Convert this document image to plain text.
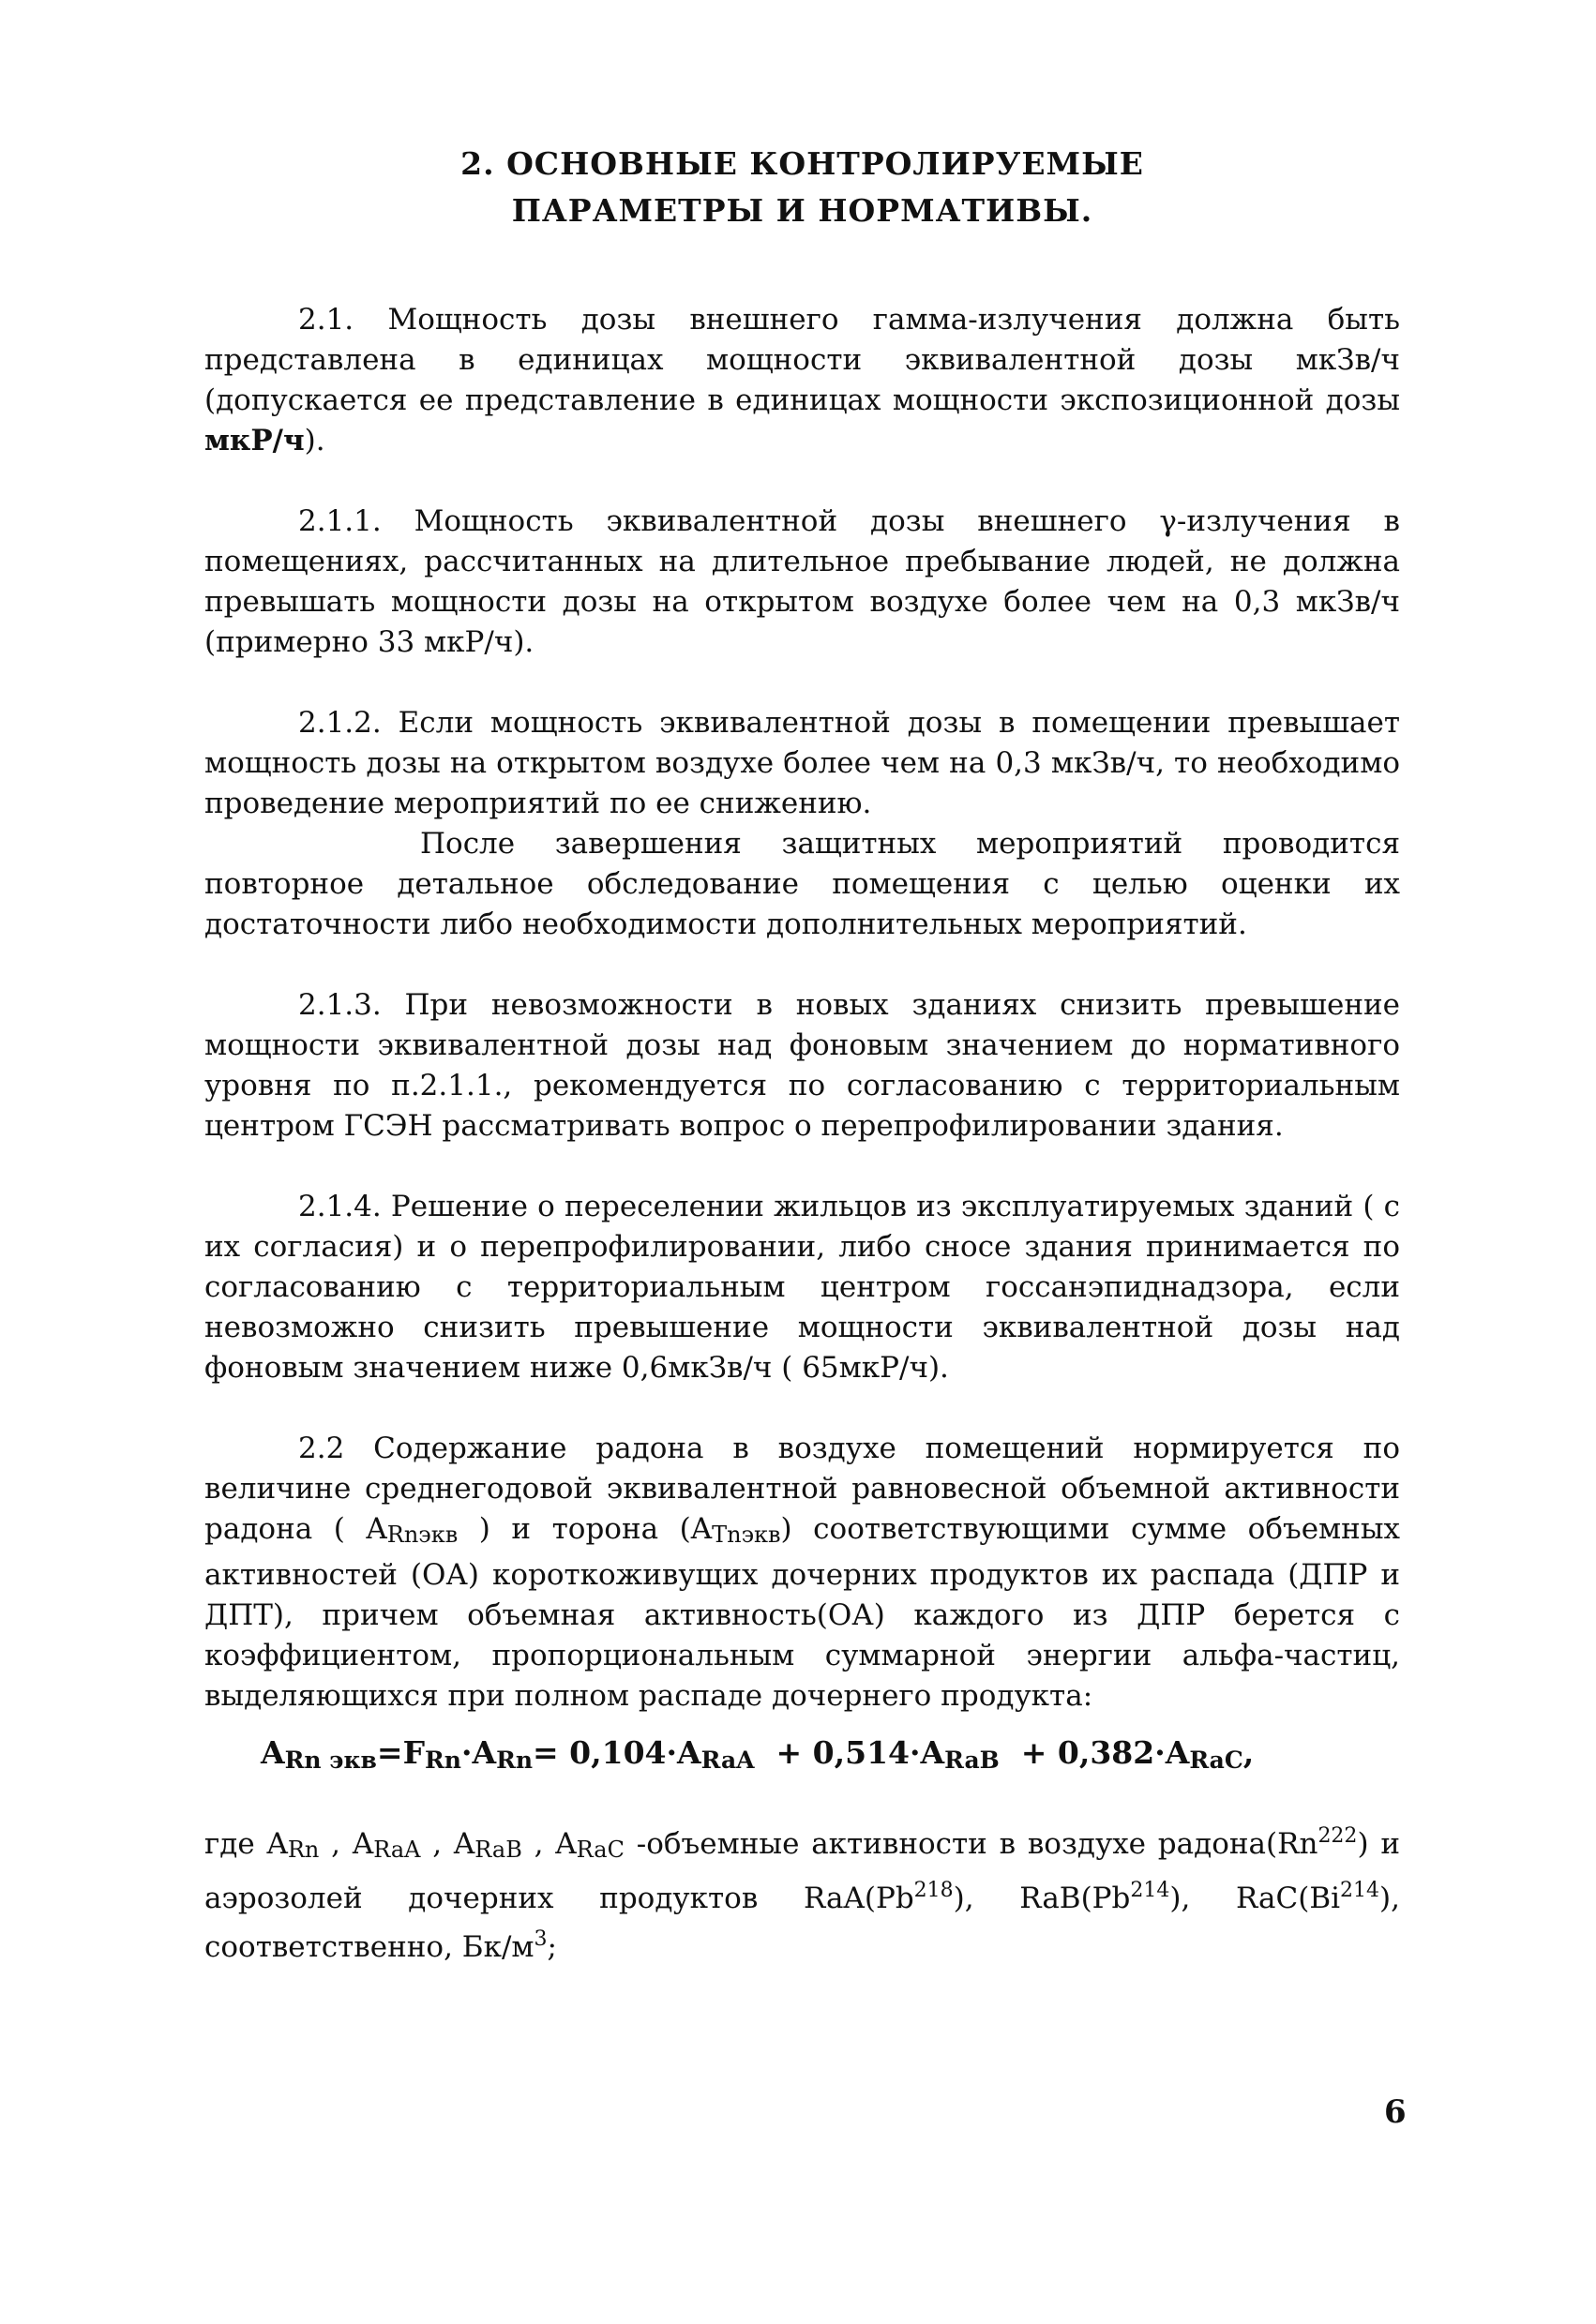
2. ОСНОВНЫЕ КОНТРОЛИРУЕМЫЕ
ПАРАМЕТРЫ И НОРМАТИВЫ.

2.1. Мощность дозы внешнего гамма-излучения должна быть представлена в единицах мощности эквивалентной дозы мкЗв/ч (допускается ее представление в единицах мощности экспозиционной дозы мкР/ч).

2.1.1. Мощность эквивалентной дозы внешнего γ-излучения в помещениях, рассчитанных на длительное пребывание людей, не должна превышать мощности дозы на открытом воздухе более чем на 0,3 мкЗв/ч (примерно 33 мкР/ч).

2.1.2. Если мощность эквивалентной дозы в помещении превышает мощность дозы на открытом воздухе более чем на 0,3 мкЗв/ч, то необходимо проведение мероприятий по ее снижению.

После завершения защитных мероприятий проводится повторное детальное обследование помещения с целью оценки их достаточности либо необходимости дополнительных мероприятий.

2.1.3. При невозможности в новых зданиях снизить превышение мощности эквивалентной дозы над фоновым значением до нормативного уровня по п.2.1.1., рекомендуется по согласованию с территориальным центром ГСЭН рассматривать вопрос о перепрофилировании здания.

2.1.4. Решение о переселении жильцов из эксплуатируемых зданий ( с их согласия) и о перепрофилировании, либо сносе здания принимается по согласованию с территориальным центром госсанэпиднадзора, если невозможно снизить превышение мощности эквивалентной дозы над фоновым значением ниже 0,6мкЗв/ч ( 65мкР/ч).

2.2 Содержание радона в воздухе помещений нормируется по величине среднегодовой эквивалентной равновесной объемной активности радона ( ARnэкв ) и торона (ATnэкв) соответствующими сумме объемных активностей (ОА) короткоживущих дочерних продуктов их распада (ДПР и ДПТ), причем объемная активность(ОА) каждого из ДПР берется с коэффициентом, пропорциональным суммарной энергии альфа-частиц, выделяющихся при полном распаде дочернего продукта:

$A_{Rn экв}=F_{Rn}\cdot A_{Rn}= 0,104\cdot A_{RaA} + 0,514\cdot A_{RaB} + 0,382\cdot A_{RaC}$,

где ARn , ARaA , ARaB , ARaC -объемные активности в воздухе радона(Rn$^{222}$) и аэрозолей дочерних продуктов RaA(Pb$^{218}$), RaB(Pb$^{214}$), RaC(Bi$^{214}$), соответственно, $Бк/м^3$;

6
